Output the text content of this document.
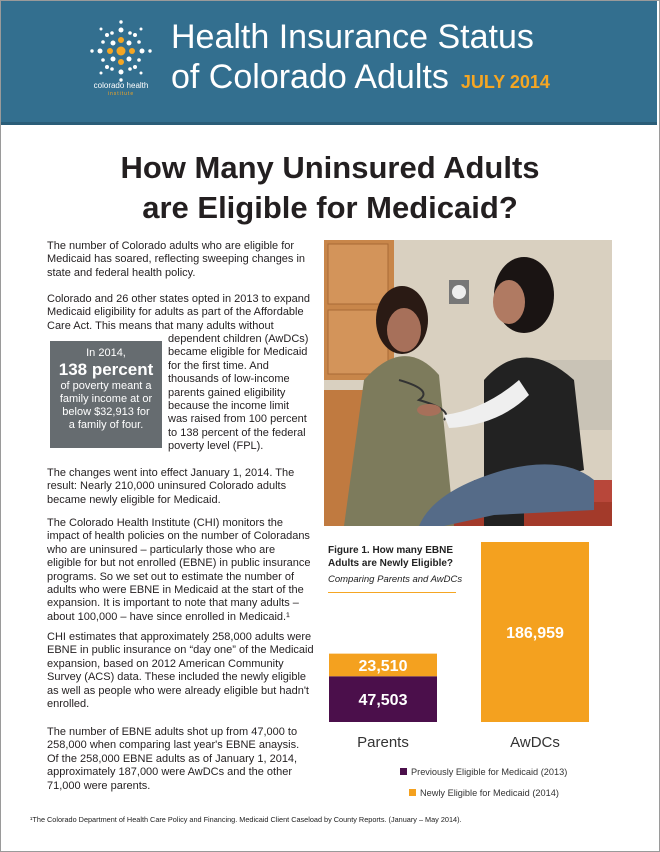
colorado health
institute
Health Insurance Status
of Colorado Adults JULY 2014
How Many Uninsured Adults
are Eligible for Medicaid?
The number of Colorado adults who are eligible for
Medicaid has soared, reflecting sweeping changes in
state and federal health policy.
Colorado and 26 other states opted in 2013 to expand
Medicaid eligibility for adults as part of the Affordable
Care Act. This means that many adults without
dependent children (AwDCs)
became eligible for Medicaid
for the first time. And
thousands of low-income
parents gained eligibility
because the income limit
was raised from 100 percent
to 138 percent of the federal
poverty level (FPL).
In 2014,
138 percent
of poverty meant a
family income at or
below $32,913 for
a family of four.
The changes went into effect January 1, 2014. The
result: Nearly 210,000 uninsured Colorado adults
became newly eligible for Medicaid.
The Colorado Health Institute (CHI) monitors the
impact of health policies on the number of Coloradans
who are uninsured – particularly those who are
eligible for but not enrolled (EBNE) in public insurance
programs. So we set out to estimate the number of
adults who were EBNE in Medicaid at the start of the
expansion. It is important to note that many adults –
about 100,000 – have since enrolled in Medicaid.¹
CHI estimates that approximately 258,000 adults were
EBNE in public insurance on “day one” of the Medicaid
expansion, based on 2012 American Community
Survey (ACS) data. These included the newly eligible
as well as people who were already eligible but hadn't
enrolled.
The number of EBNE adults shot up from 47,000 to
258,000 when comparing last year's EBNE anaysis.
Of the 258,000 EBNE adults as of January 1, 2014,
approximately 187,000 were AwDCs and the other
71,000 were parents.
Figure 1. How many EBNE
Adults are Newly Eligible?
Comparing Parents and AwDCs
47,503
23,510
Parents
186,959
AwDCs
Previously Eligible for Medicaid (2013)
Newly Eligible for Medicaid (2014)
¹The Colorado Department of Health Care Policy and Financing. Medicaid Client Caseload by County Reports. (January – May 2014).
